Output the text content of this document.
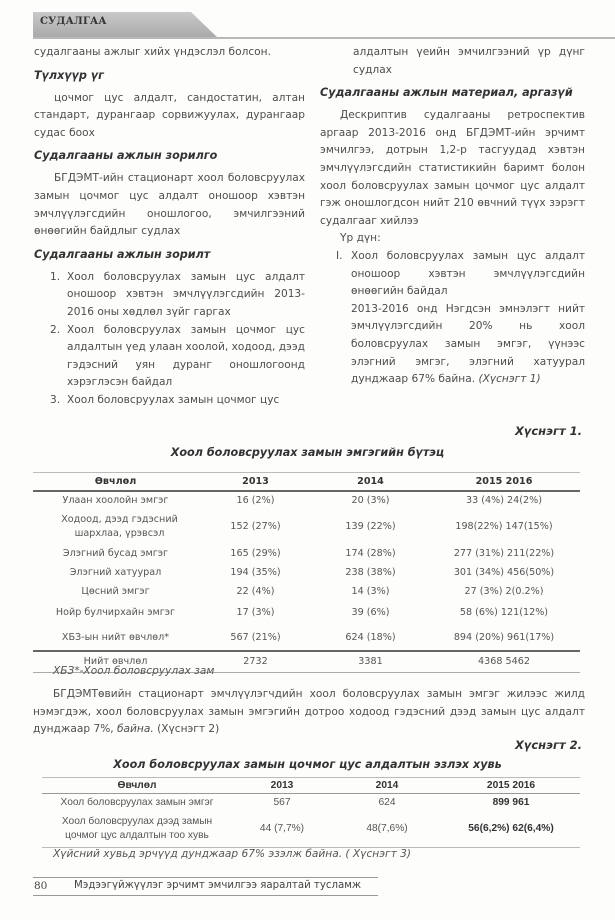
СУДАЛГАА

судалгааны ажлыг хийх үндэслэл болсон.

Түлхүүр үг

цочмог цус алдалт, сандостатин, алтан стандарт, дурангаар сорвижуулах, дурангаар судас боох

Судалгааны ажлын зорилго

БГДЭМТ-ийн стационарт хоол боловсруулах замын цочмог цус алдалт оношоор хэвтэн эмчлүүлэгсдийн оношлогоо, эмчилгээний өнөөгийн байдлыг судлах

Судалгааны ажлын зорилт
1. Хоол боловсруулах замын цус алдалт оношоор хэвтэн эмчлүүлэгсдийн 2013-2016 оны хөдлөл зүйг гаргах
2. Хоол боловсруулах замын цочмог цус алдалтын үед улаан хоолой, ходоод, дээд гэдэсний уян дуранг оношлогоонд хэрэглэсэн байдал
3. Хоол боловсруулах замын цочмог цус

алдалтын үеийн эмчилгээний үр дүнг судлах

Судалгааны ажлын материал, аргазүй

Дескриптив судалгааны ретроспектив аргаар 2013-2016 онд БГДЭМТ-ийн эрчимт эмчилгээ, дотрын 1,2-р тасгуудад хэвтэн эмчлүүлэгсдийн статистикийн баримт болон хоол боловсруулах замын цочмог цус алдалт гэж оношлогдсон нийт 210 өвчний түүх зэрэгт судалгааг хийлээ

Үр дүн:

I. Хоол боловсруулах замын цус алдалт оношоор хэвтэн эмчлүүлэгсдийн өнөөгийн байдал
2013-2016 онд Нэгдсэн эмнэлэгт нийт эмчлүүлэгсдийн 20% нь хоол боловсруулах замын эмгэг, үүнээс элэгний эмгэг, элэгний хатуурал дунджаар 67% байна. (Хүснэгт 1)
Хүснэгт 1.
Хоол боловсруулах замын эмгэгийн бүтэц
Өвчлөл	2013	2014	2015 2016
Улаан хоолойн эмгэг	16 (2%)	20 (3%)	33 (4%) 24(2%)
Ходоод, дээд гэдэсний шархлаа, үрэвсэл	152 (27%)	139 (22%)	198(22%) 147(15%)
Элэгний бусад эмгэг	165 (29%)	174 (28%)	277 (31%) 211(22%)
Элэгний хатуурал	194 (35%)	238 (38%)	301 (34%) 456(50%)
Цөсний эмгэг	22 (4%)	14 (3%)	27 (3%) 2(0.2%)
Нойр булчирхайн эмгэг	17 (3%)	39 (6%)	58 (6%) 121(12%)
ХБЗ-ын нийт өвчлөл*	567 (21%)	624 (18%)	894 (20%) 961(17%)
Нийт өвчлөл	2732	3381	4368 5462
ХБЗ*-Хоол боловсруулах зам

БГДЭМТөвийн стационарт эмчлүүлэгчдийн хоол боловсруулах замын эмгэг жилээс жилд нэмэгдэж, хоол боловсруулах замын эмгэгийн дотроо ходоод гэдэсний дээд замын цус алдалт дунджаар 7%, байна. (Хүснэгт 2)

Хүснэгт 2.
Хоол боловсруулах замын цочмог цус алдалтын эзлэх хувь
Өвчлөл	2013	2014	2015 2016
Хоол боловсруулах замын эмгэг	567	624	899 961
Хоол боловсруулах дээд замын цочмог цус алдалтын тоо хувь	44 (7,7%)	48(7,6%)	56(6,2%) 62(6,4%)
Хүйсний хувьд эрчүүд дунджаар 67% эзэлж байна. ( Хүснэгт 3)
80	Мэдээгүйжүүлэг эрчимт эмчилгээ яаралтай тусламж
